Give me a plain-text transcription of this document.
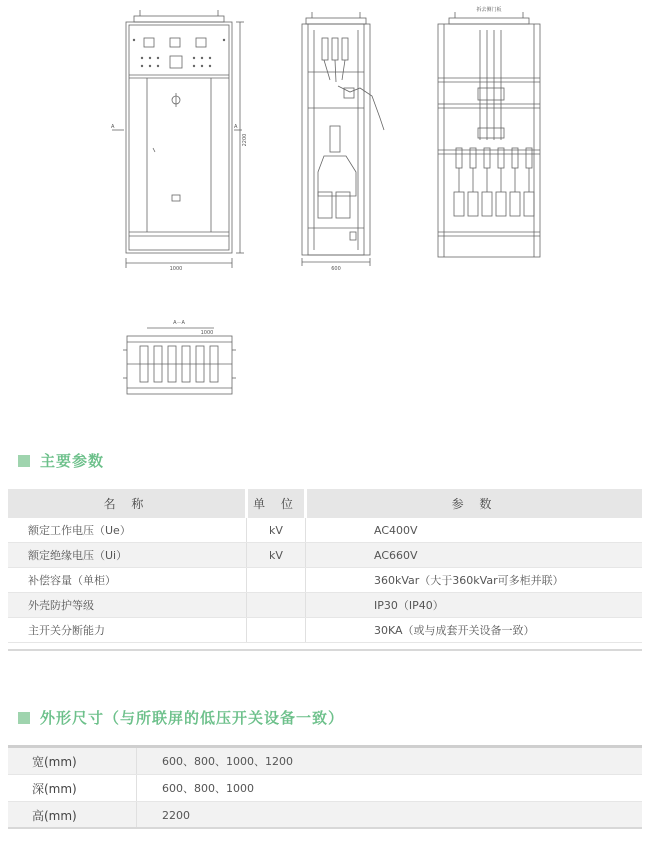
1000
2200
600
A	A
A－A
1000
拆去侧门板
主要参数
名 称	单 位	参 数
额定工作电压（Ue）	kV	AC400V
额定绝缘电压（Ui）	kV	AC660V
补偿容量（单柜）		360kVar（大于360kVar可多柜并联）
外壳防护等级		IP30（IP40）
主开关分断能力		30KA（或与成套开关设备一致）
外形尺寸（与所联屏的低压开关设备一致）
宽(mm)	600、800、1000、1200
深(mm)	600、800、1000
高(mm)	2200
